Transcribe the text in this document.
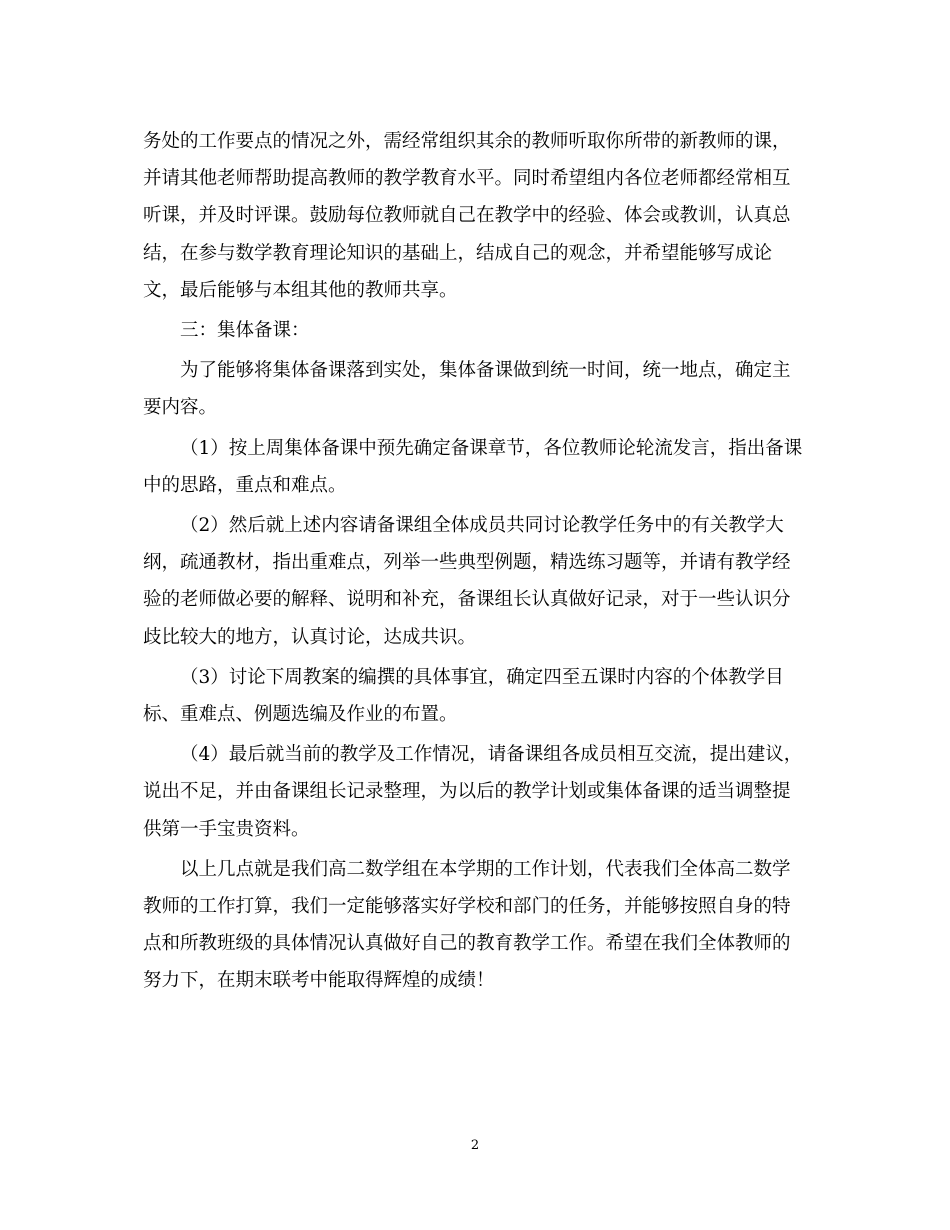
务处的工作要点的情况之外，需经常组织其余的教师听取你所带的新教师的课，
并请其他老师帮助提高教师的教学教育水平。同时希望组内各位老师都经常相互
听课，并及时评课。鼓励每位教师就自己在教学中的经验、体会或教训，认真总
结，在参与数学教育理论知识的基础上，结成自己的观念，并希望能够写成论
文，最后能够与本组其他的教师共享。

三：集体备课：

为了能够将集体备课落到实处，集体备课做到统一时间，统一地点，确定主
要内容。

（1）按上周集体备课中预先确定备课章节，各位教师论轮流发言，指出备课
中的思路，重点和难点。

（2）然后就上述内容请备课组全体成员共同讨论教学任务中的有关教学大
纲，疏通教材，指出重难点，列举一些典型例题，精选练习题等，并请有教学经
验的老师做必要的解释、说明和补充，备课组长认真做好记录，对于一些认识分
歧比较大的地方，认真讨论，达成共识。

（3）讨论下周教案的编撰的具体事宜，确定四至五课时内容的个体教学目
标、重难点、例题选编及作业的布置。

（4）最后就当前的教学及工作情况，请备课组各成员相互交流，提出建议，
说出不足，并由备课组长记录整理，为以后的教学计划或集体备课的适当调整提
供第一手宝贵资料。

以上几点就是我们高二数学组在本学期的工作计划，代表我们全体高二数学
教师的工作打算，我们一定能够落实好学校和部门的任务，并能够按照自身的特
点和所教班级的具体情况认真做好自己的教育教学工作。希望在我们全体教师的
努力下，在期末联考中能取得辉煌的成绩！

2
